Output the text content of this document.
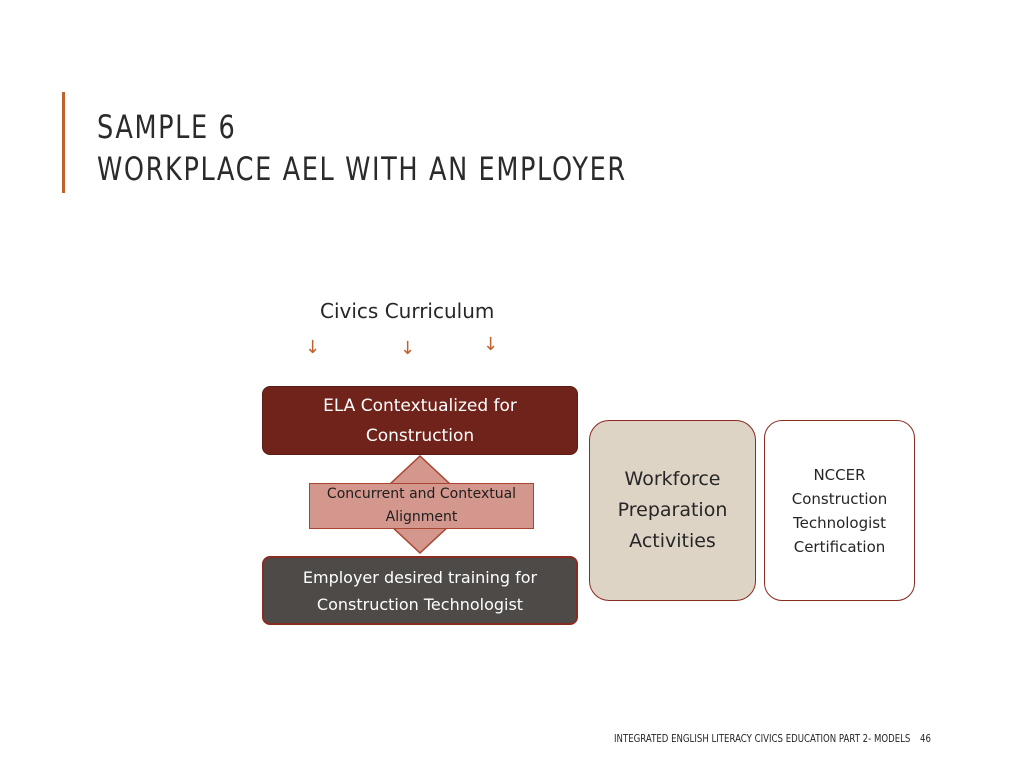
SAMPLE 6
WORKPLACE AEL WITH AN EMPLOYER
Civics Curriculum
↓	↓	↓
ELA Contextualized for Construction
Concurrent and Contextual Alignment
Employer desired training for Construction Technologist
Workforce Preparation Activities
NCCER Construction Technologist Certification
INTEGRATED ENGLISH LITERACY CIVICS EDUCATION PART 2- MODELS 46
